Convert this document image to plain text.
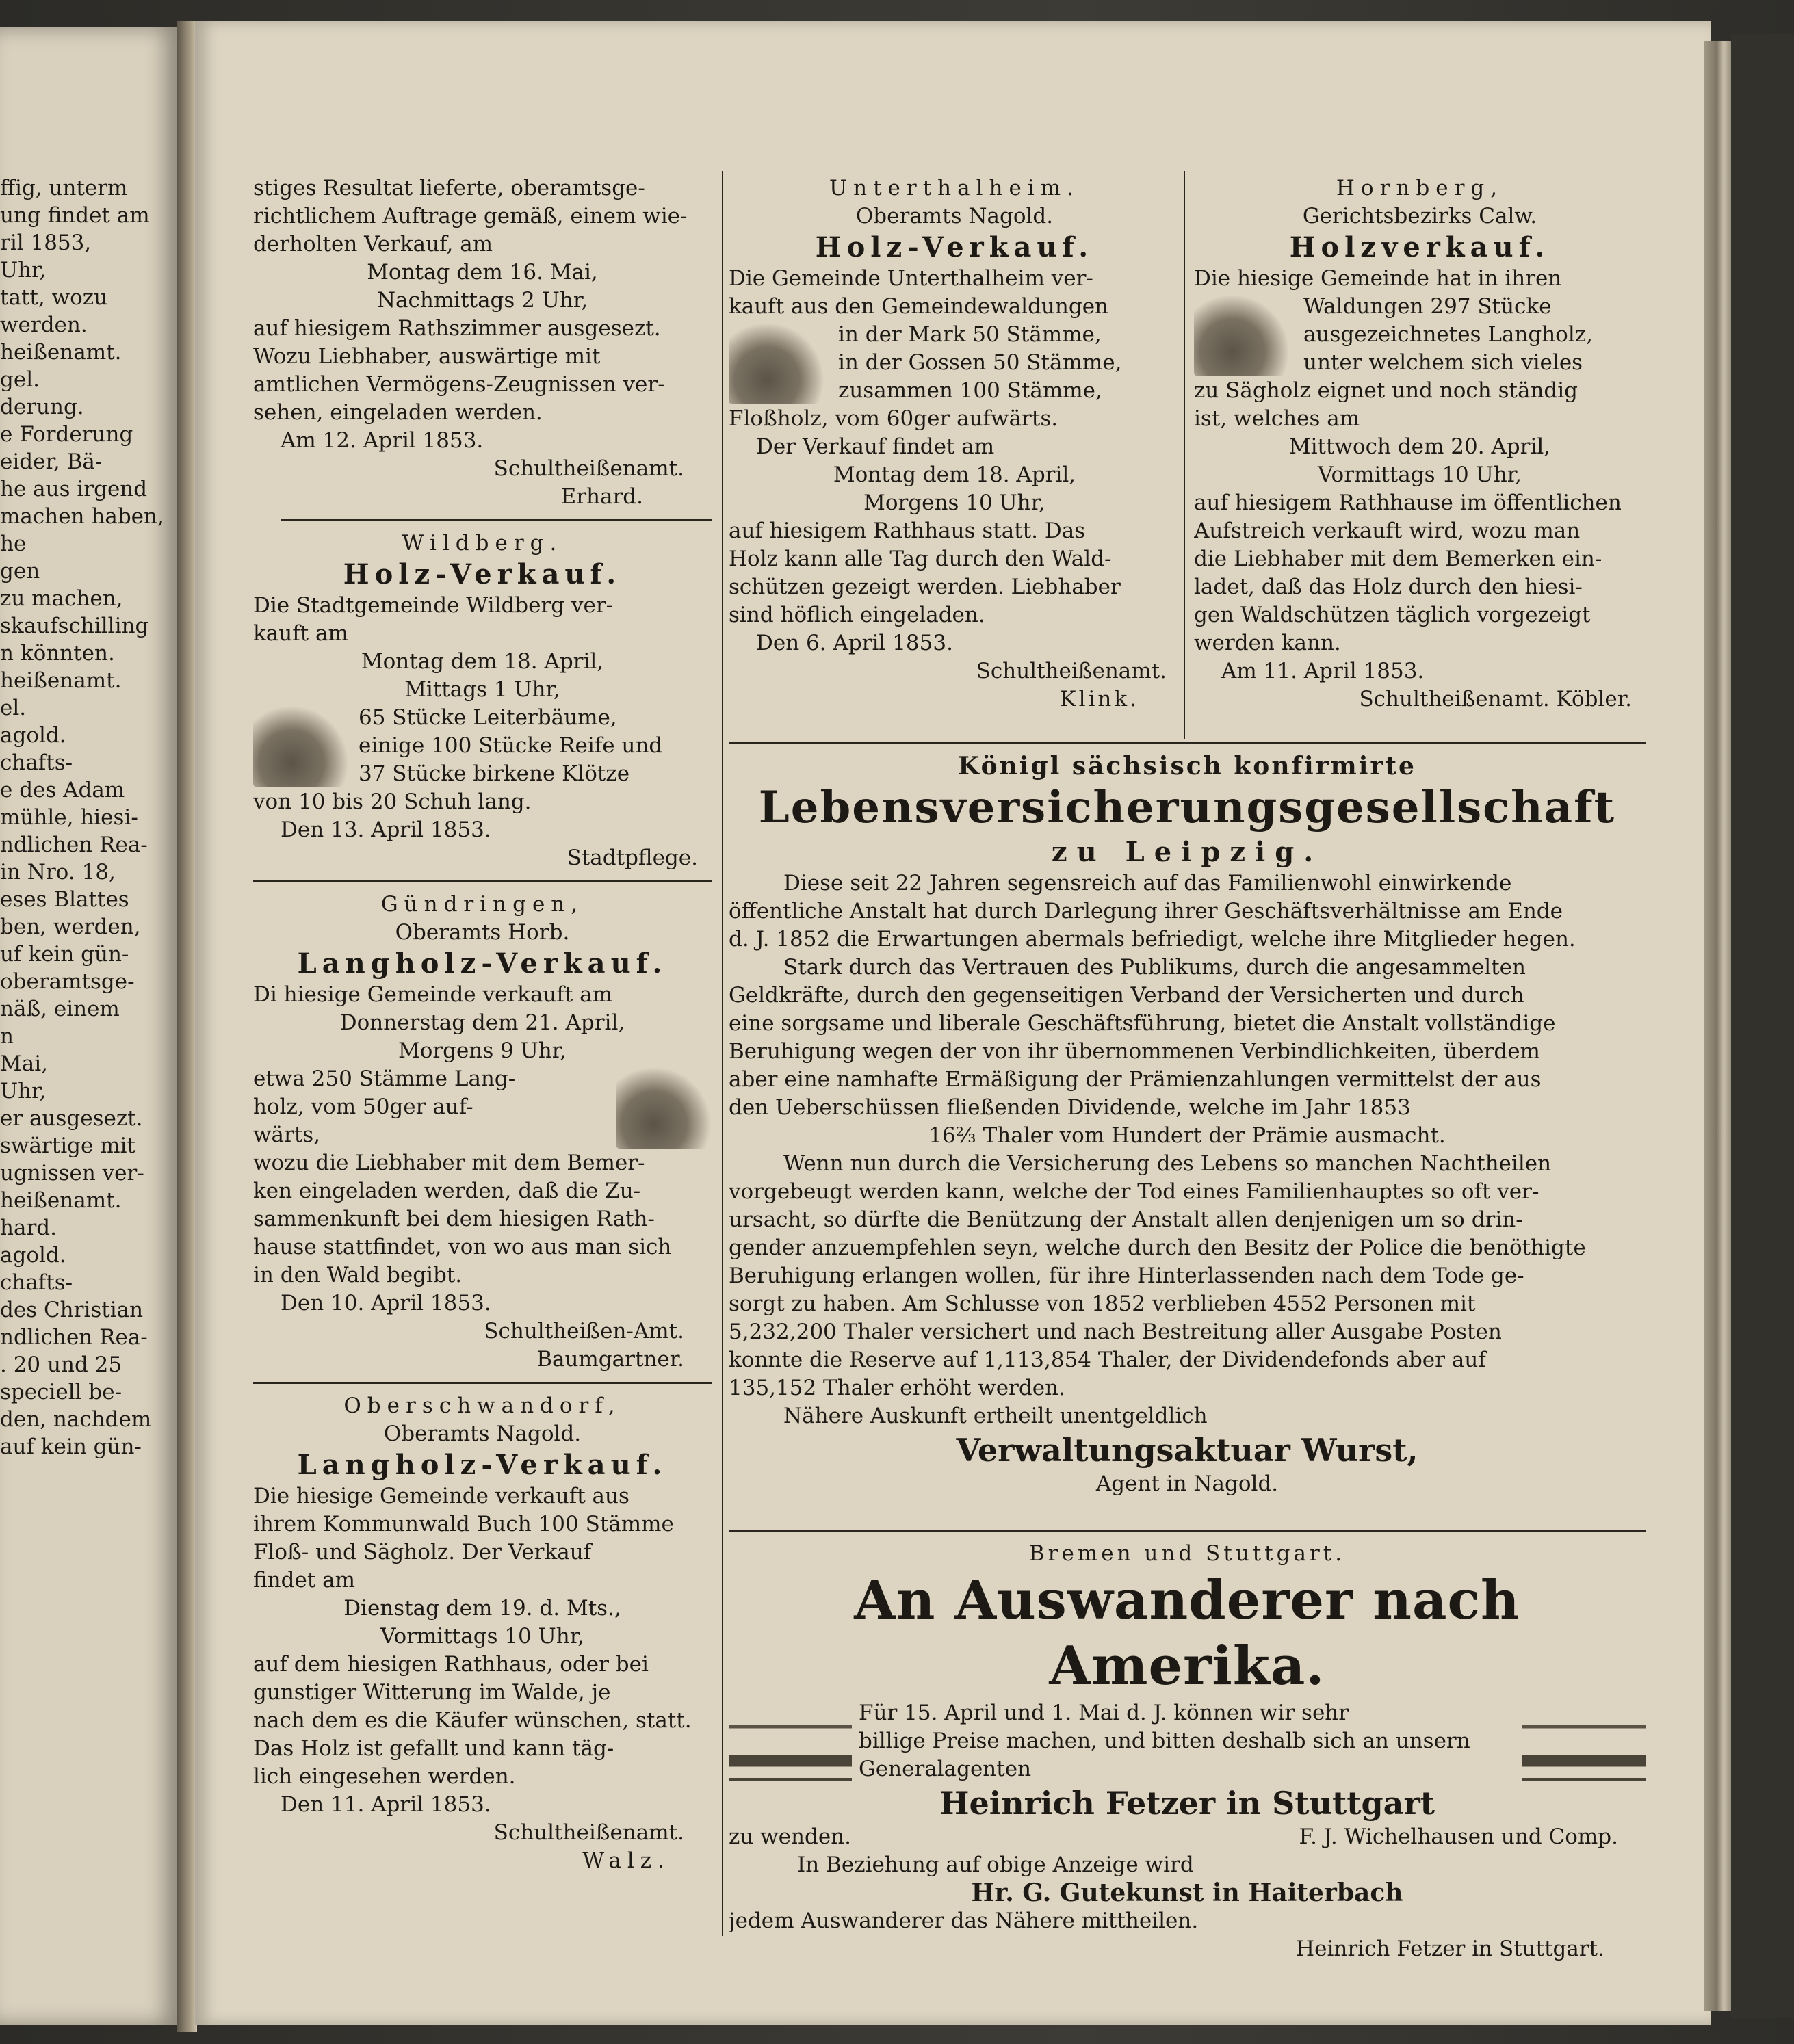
ffig, unterm
ung findet am
ril 1853,
Uhr,
tatt, wozu
werden.
heißenamt.
gel.
derung.
e Forderung
eider, Bä-
he aus irgend
machen haben,
he
gen
zu machen,
skaufschilling
n könnten.
heißenamt.
el.
agold.
chafts-
e des Adam
mühle, hiesi-
ndlichen Rea-
in Nro. 18,
eses Blattes
ben, werden,
uf kein gün-
oberamtsge-
näß, einem
n
Mai,
Uhr,
er ausgesezt.
swärtige mit
ugnissen ver-
heißenamt.
hard.
agold.
chafts-
des Christian
ndlichen Rea-
. 20 und 25
speciell be-
den, nachdem
auf kein gün-
stiges Resultat lieferte, oberamtsge-
richtlichem Auftrage gemäß, einem wie-
derholten Verkauf, am
Montag dem 16. Mai,
Nachmittags 2 Uhr,
auf hiesigem Rathszimmer ausgesezt.
Wozu Liebhaber, auswärtige mit
amtlichen Vermögens-Zeugnissen ver-
sehen, eingeladen werden.
Am 12. April 1853.
Schultheißenamt.
Erhard.
Wildberg.
Holz-Verkauf.
Die Stadtgemeinde Wildberg ver-
kauft am
Montag dem 18. April,
Mittags 1 Uhr,
65 Stücke Leiterbäume,
einige 100 Stücke Reife und
37 Stücke birkene Klötze
von 10 bis 20 Schuh lang.
Den 13. April 1853.
Stadtpflege.
Gündringen,
Oberamts Horb.
Langholz-Verkauf.
Di hiesige Gemeinde verkauft am
Donnerstag dem 21. April,
Morgens 9 Uhr,
etwa 250 Stämme Lang-
holz, vom 50ger auf-
wärts,
wozu die Liebhaber mit dem Bemer-
ken eingeladen werden, daß die Zu-
sammenkunft bei dem hiesigen Rath-
hause stattfindet, von wo aus man sich
in den Wald begibt.
Den 10. April 1853.
Schultheißen-Amt.
Baumgartner.
Oberschwandorf,
Oberamts Nagold.
Langholz-Verkauf.
Die hiesige Gemeinde verkauft aus
ihrem Kommunwald Buch 100 Stämme
Floß- und Sägholz. Der Verkauf
findet am
Dienstag dem 19. d. Mts.,
Vormittags 10 Uhr,
auf dem hiesigen Rathhaus, oder bei
gunstiger Witterung im Walde, je
nach dem es die Käufer wünschen, statt.
Das Holz ist gefallt und kann täg-
lich eingesehen werden.
Den 11. April 1853.
Schultheißenamt.
Walz.
Unterthalheim.
Oberamts Nagold.
Holz-Verkauf.
Die Gemeinde Unterthalheim ver-
kauft aus den Gemeindewaldungen
in der Mark 50 Stämme,
in der Gossen 50 Stämme,
zusammen 100 Stämme,
Floßholz, vom 60ger aufwärts.
Der Verkauf findet am
Montag dem 18. April,
Morgens 10 Uhr,
auf hiesigem Rathhaus statt. Das
Holz kann alle Tag durch den Wald-
schützen gezeigt werden. Liebhaber
sind höflich eingeladen.
Den 6. April 1853.
Schultheißenamt.
Klink.
Hornberg,
Gerichtsbezirks Calw.
Holzverkauf.
Die hiesige Gemeinde hat in ihren
Waldungen 297 Stücke
ausgezeichnetes Langholz,
unter welchem sich vieles
zu Sägholz eignet und noch ständig
ist, welches am
Mittwoch dem 20. April,
Vormittags 10 Uhr,
auf hiesigem Rathhause im öffentlichen
Aufstreich verkauft wird, wozu man
die Liebhaber mit dem Bemerken ein-
ladet, daß das Holz durch den hiesi-
gen Waldschützen täglich vorgezeigt
werden kann.
Am 11. April 1853.
Schultheißenamt. Köbler.
Königl sächsisch konfirmirte
Lebensversicherungsgesellschaft
zu Leipzig.
Diese seit 22 Jahren segensreich auf das Familienwohl einwirkende
öffentliche Anstalt hat durch Darlegung ihrer Geschäftsverhältnisse am Ende
d. J. 1852 die Erwartungen abermals befriedigt, welche ihre Mitglieder hegen.
Stark durch das Vertrauen des Publikums, durch die angesammelten
Geldkräfte, durch den gegenseitigen Verband der Versicherten und durch
eine sorgsame und liberale Geschäftsführung, bietet die Anstalt vollständige
Beruhigung wegen der von ihr übernommenen Verbindlichkeiten, überdem
aber eine namhafte Ermäßigung der Prämienzahlungen vermittelst der aus
den Ueberschüssen fließenden Dividende, welche im Jahr 1853
16⅔ Thaler vom Hundert der Prämie ausmacht.
Wenn nun durch die Versicherung des Lebens so manchen Nachtheilen
vorgebeugt werden kann, welche der Tod eines Familienhauptes so oft ver-
ursacht, so dürfte die Benützung der Anstalt allen denjenigen um so drin-
gender anzuempfehlen seyn, welche durch den Besitz der Police die benöthigte
Beruhigung erlangen wollen, für ihre Hinterlassenden nach dem Tode ge-
sorgt zu haben. Am Schlusse von 1852 verblieben 4552 Personen mit
5,232,200 Thaler versichert und nach Bestreitung aller Ausgabe Posten
konnte die Reserve auf 1,113,854 Thaler, der Dividendefonds aber auf
135,152 Thaler erhöht werden.
Nähere Auskunft ertheilt unentgeldlich
Verwaltungsaktuar Wurst,
Agent in Nagold.
Bremen und Stuttgart.
An Auswanderer nach Amerika.
Für 15. April und 1. Mai d. J. können wir sehr
billige Preise machen, und bitten deshalb sich an unsern
Generalagenten
Heinrich Fetzer in Stuttgart
zu wenden.	F. J. Wichelhausen und Comp.
In Beziehung auf obige Anzeige wird
Hr. G. Gutekunst in Haiterbach
jedem Auswanderer das Nähere mittheilen.
Heinrich Fetzer in Stuttgart.
